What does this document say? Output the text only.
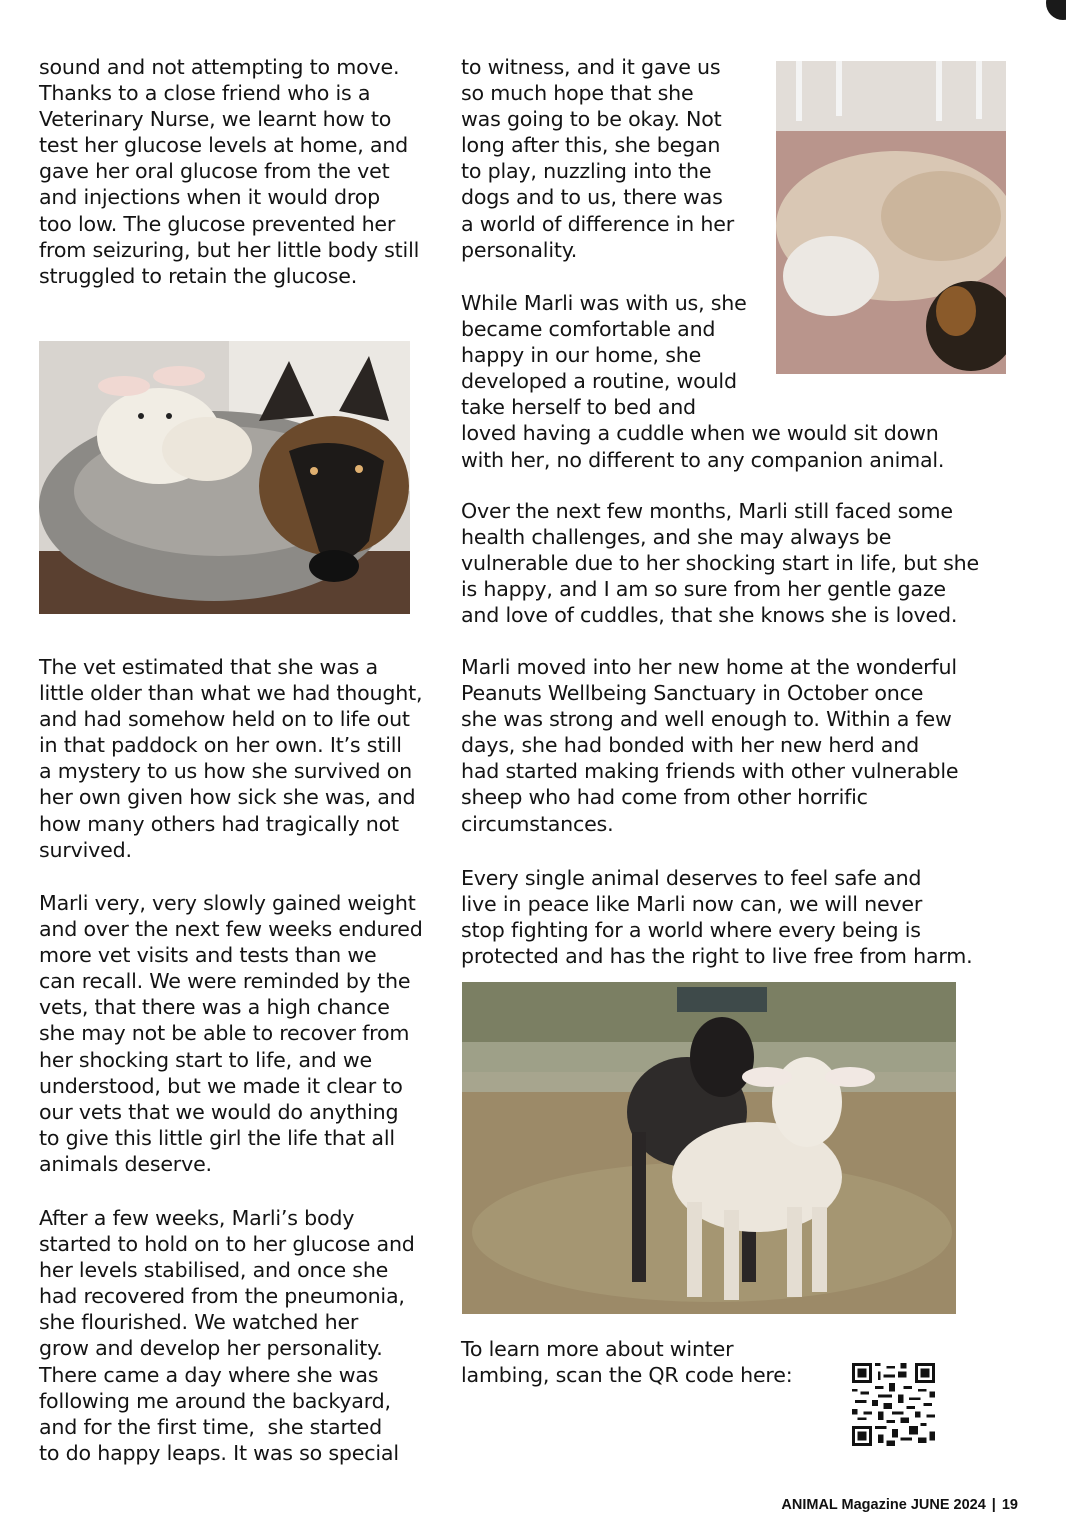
sound and not attempting to move.
Thanks to a close friend who is a
Veterinary Nurse, we learnt how to
test her glucose levels at home, and
gave her oral glucose from the vet
and injections when it would drop
too low. The glucose prevented her
from seizuring, but her little body still
struggled to retain the glucose.

The vet estimated that she was a
little older than what we had thought,
and had somehow held on to life out
in that paddock on her own. It’s still
a mystery to us how she survived on
her own given how sick she was, and
how many others had tragically not
survived.

Marli very, very slowly gained weight
and over the next few weeks endured
more vet visits and tests than we
can recall. We were reminded by the
vets, that there was a high chance
she may not be able to recover from
her shocking start to life, and we
understood, but we made it clear to
our vets that we would do anything
to give this little girl the life that all
animals deserve.

After a few weeks, Marli’s body
started to hold on to her glucose and
her levels stabilised, and once she
had recovered from the pneumonia,
she flourished. We watched her
grow and develop her personality.
There came a day where she was
following me around the backyard,
and for the first time,  she started
to do happy leaps. It was so special

to witness, and it gave us
so much hope that she
was going to be okay. Not
long after this, she began
to play, nuzzling into the
dogs and to us, there was
a world of difference in her
personality.

While Marli was with us, she
became comfortable and
happy in our home, she
developed a routine, would
take herself to bed and
loved having a cuddle when we would sit down
with her, no different to any companion animal.

Over the next few months, Marli still faced some
health challenges, and she may always be
vulnerable due to her shocking start in life, but she
is happy, and I am so sure from her gentle gaze
and love of cuddles, that she knows she is loved.

Marli moved into her new home at the wonderful
Peanuts Wellbeing Sanctuary in October once
she was strong and well enough to. Within a few
days, she had bonded with her new herd and
had started making friends with other vulnerable
sheep who had come from other horrific
circumstances.

Every single animal deserves to feel safe and
live in peace like Marli now can, we will never
stop fighting for a world where every being is
protected and has the right to live free from harm.

To learn more about winter
lambing, scan the QR code here:

ANIMAL Magazine JUNE 2024 | 19
